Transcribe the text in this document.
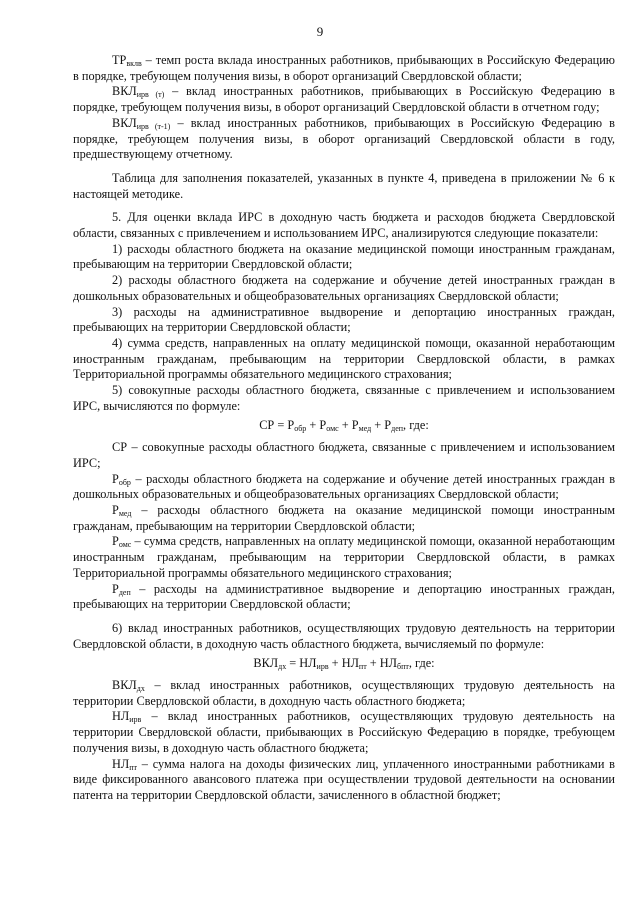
9

$ТР_{вклв}$ – темп роста вклада иностранных работников, прибывающих в Российскую Федерацию в порядке, требующем получения визы, в оборот организаций Свердловской области;

$ВКЛ_{ирв (т)}$ – вклад иностранных работников, прибывающих в Российскую Федерацию в порядке, требующем получения визы, в оборот организаций Свердловской области в отчетном году;

$ВКЛ_{ирв (т-1)}$ – вклад иностранных работников, прибывающих в Российскую Федерацию в порядке, требующем получения визы, в оборот организаций Свердловской области в году, предшествующему отчетному.

Таблица для заполнения показателей, указанных в пункте 4, приведена в приложении № 6 к настоящей методике.

5. Для оценки вклада ИРС в доходную часть бюджета и расходов бюджета Свердловской области, связанных с привлечением и использованием ИРС, анализируются следующие показатели:

1) расходы областного бюджета на оказание медицинской помощи иностранным гражданам, пребывающим на территории Свердловской области;

2) расходы областного бюджета на содержание и обучение детей иностранных граждан в дошкольных образовательных и общеобразовательных организациях Свердловской области;

3) расходы на административное выдворение и депортацию иностранных граждан, пребывающих на территории Свердловской области;

4) сумма средств, направленных на оплату медицинской помощи, оказанной неработающим иностранным гражданам, пребывающим на территории Свердловской области, в рамках Территориальной программы обязательного медицинского страхования;

5) совокупные расходы областного бюджета, связанные с привлечением и использованием ИРС, вычисляются по формуле:

СР = $Р_{обр} + Р_{омс} + Р_{мед} + Р_{деп}$, где:

СР – совокупные расходы областного бюджета, связанные с привлечением и использованием ИРС;

$Р_{обр}$ – расходы областного бюджета на содержание и обучение детей иностранных граждан в дошкольных образовательных и общеобразовательных организациях Свердловской области;

$Р_{мед}$ – расходы областного бюджета на оказание медицинской помощи иностранным гражданам, пребывающим на территории Свердловской области;

$Р_{омс}$ – сумма средств, направленных на оплату медицинской помощи, оказанной неработающим иностранным гражданам, пребывающим на территории Свердловской области, в рамках Территориальной программы обязательного медицинского страхования;

$Р_{деп}$ – расходы на административное выдворение и депортацию иностранных граждан, пребывающих на территории Свердловской области;

6) вклад иностранных работников, осуществляющих трудовую деятельность на территории Свердловской области, в доходную часть областного бюджета, вычисляемый по формуле:

$ВКЛ_{дх} = НЛ_{ирв} + НЛ_{пт} + НЛ_{бпт}$, где:

$ВКЛ_{дх}$ – вклад иностранных работников, осуществляющих трудовую деятельность на территории Свердловской области, в доходную часть областного бюджета;

$НЛ_{ирв}$ – вклад иностранных работников, осуществляющих трудовую деятельность на территории Свердловской области, прибывающих в Российскую Федерацию в порядке, требующем получения визы, в доходную часть областного бюджета;

$НЛ_{пт}$ – сумма налога на доходы физических лиц, уплаченного иностранными работниками в виде фиксированного авансового платежа при осуществлении трудовой деятельности на основании патента на территории Свердловской области, зачисленного в областной бюджет;
